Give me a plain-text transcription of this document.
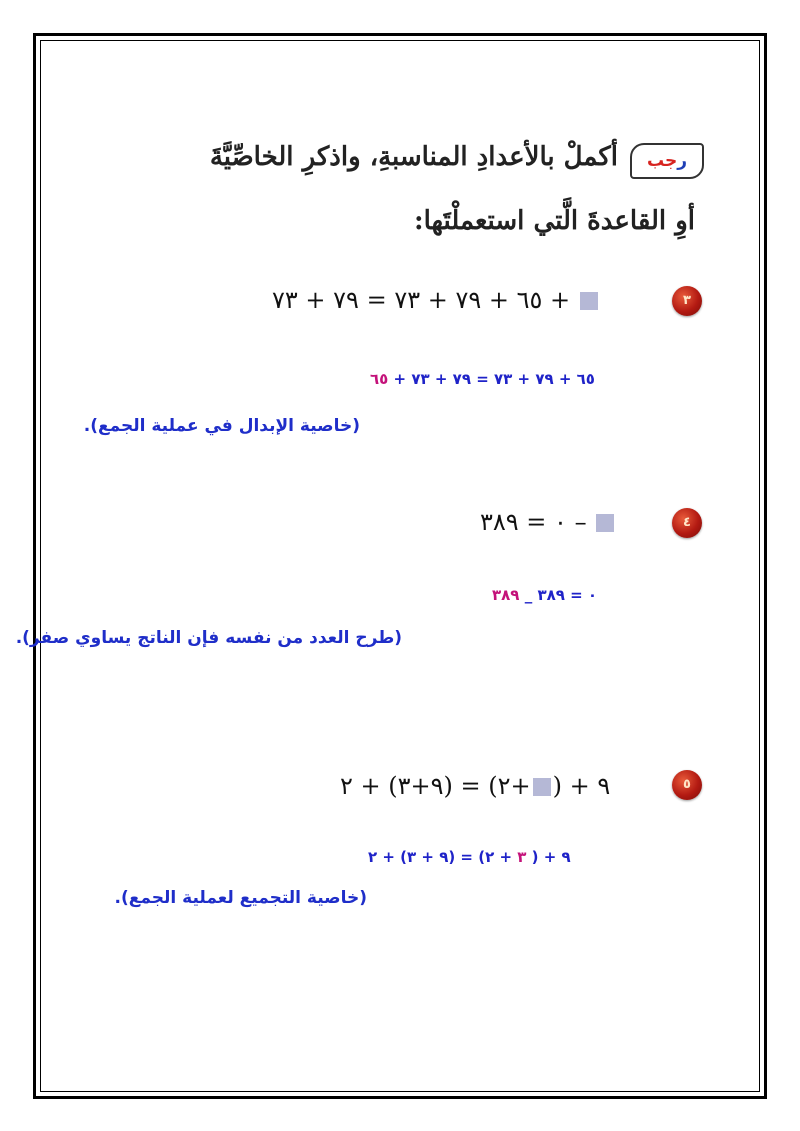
رجب
أكملْ بالأعدادِ المناسبةِ، واذكرِ الخاصِّيَّةَ
أوِ القاعدةَ الَّتي استعملْتَها:
٣
٦٥ + ٧٩ + ٧٣ = ٧٩ + ٧٣ +
٦٥ + ٧٩ + ٧٣ = ٧٩ + ٧٣ + ٦٥
(خاصية الإبدال في عملية الجمع).
٤
٠ = ٣٨٩ –
٠ = ٣٨٩ _ ٣٨٩
(طرح العدد من نفسه فإن الناتج يساوي صفر).
٥
٩ + (+٢) = (٩+٣) + ٢
٩ + ( ٣ + ٢) = (٩ + ٣) + ٢
(خاصية التجميع لعملية الجمع).
